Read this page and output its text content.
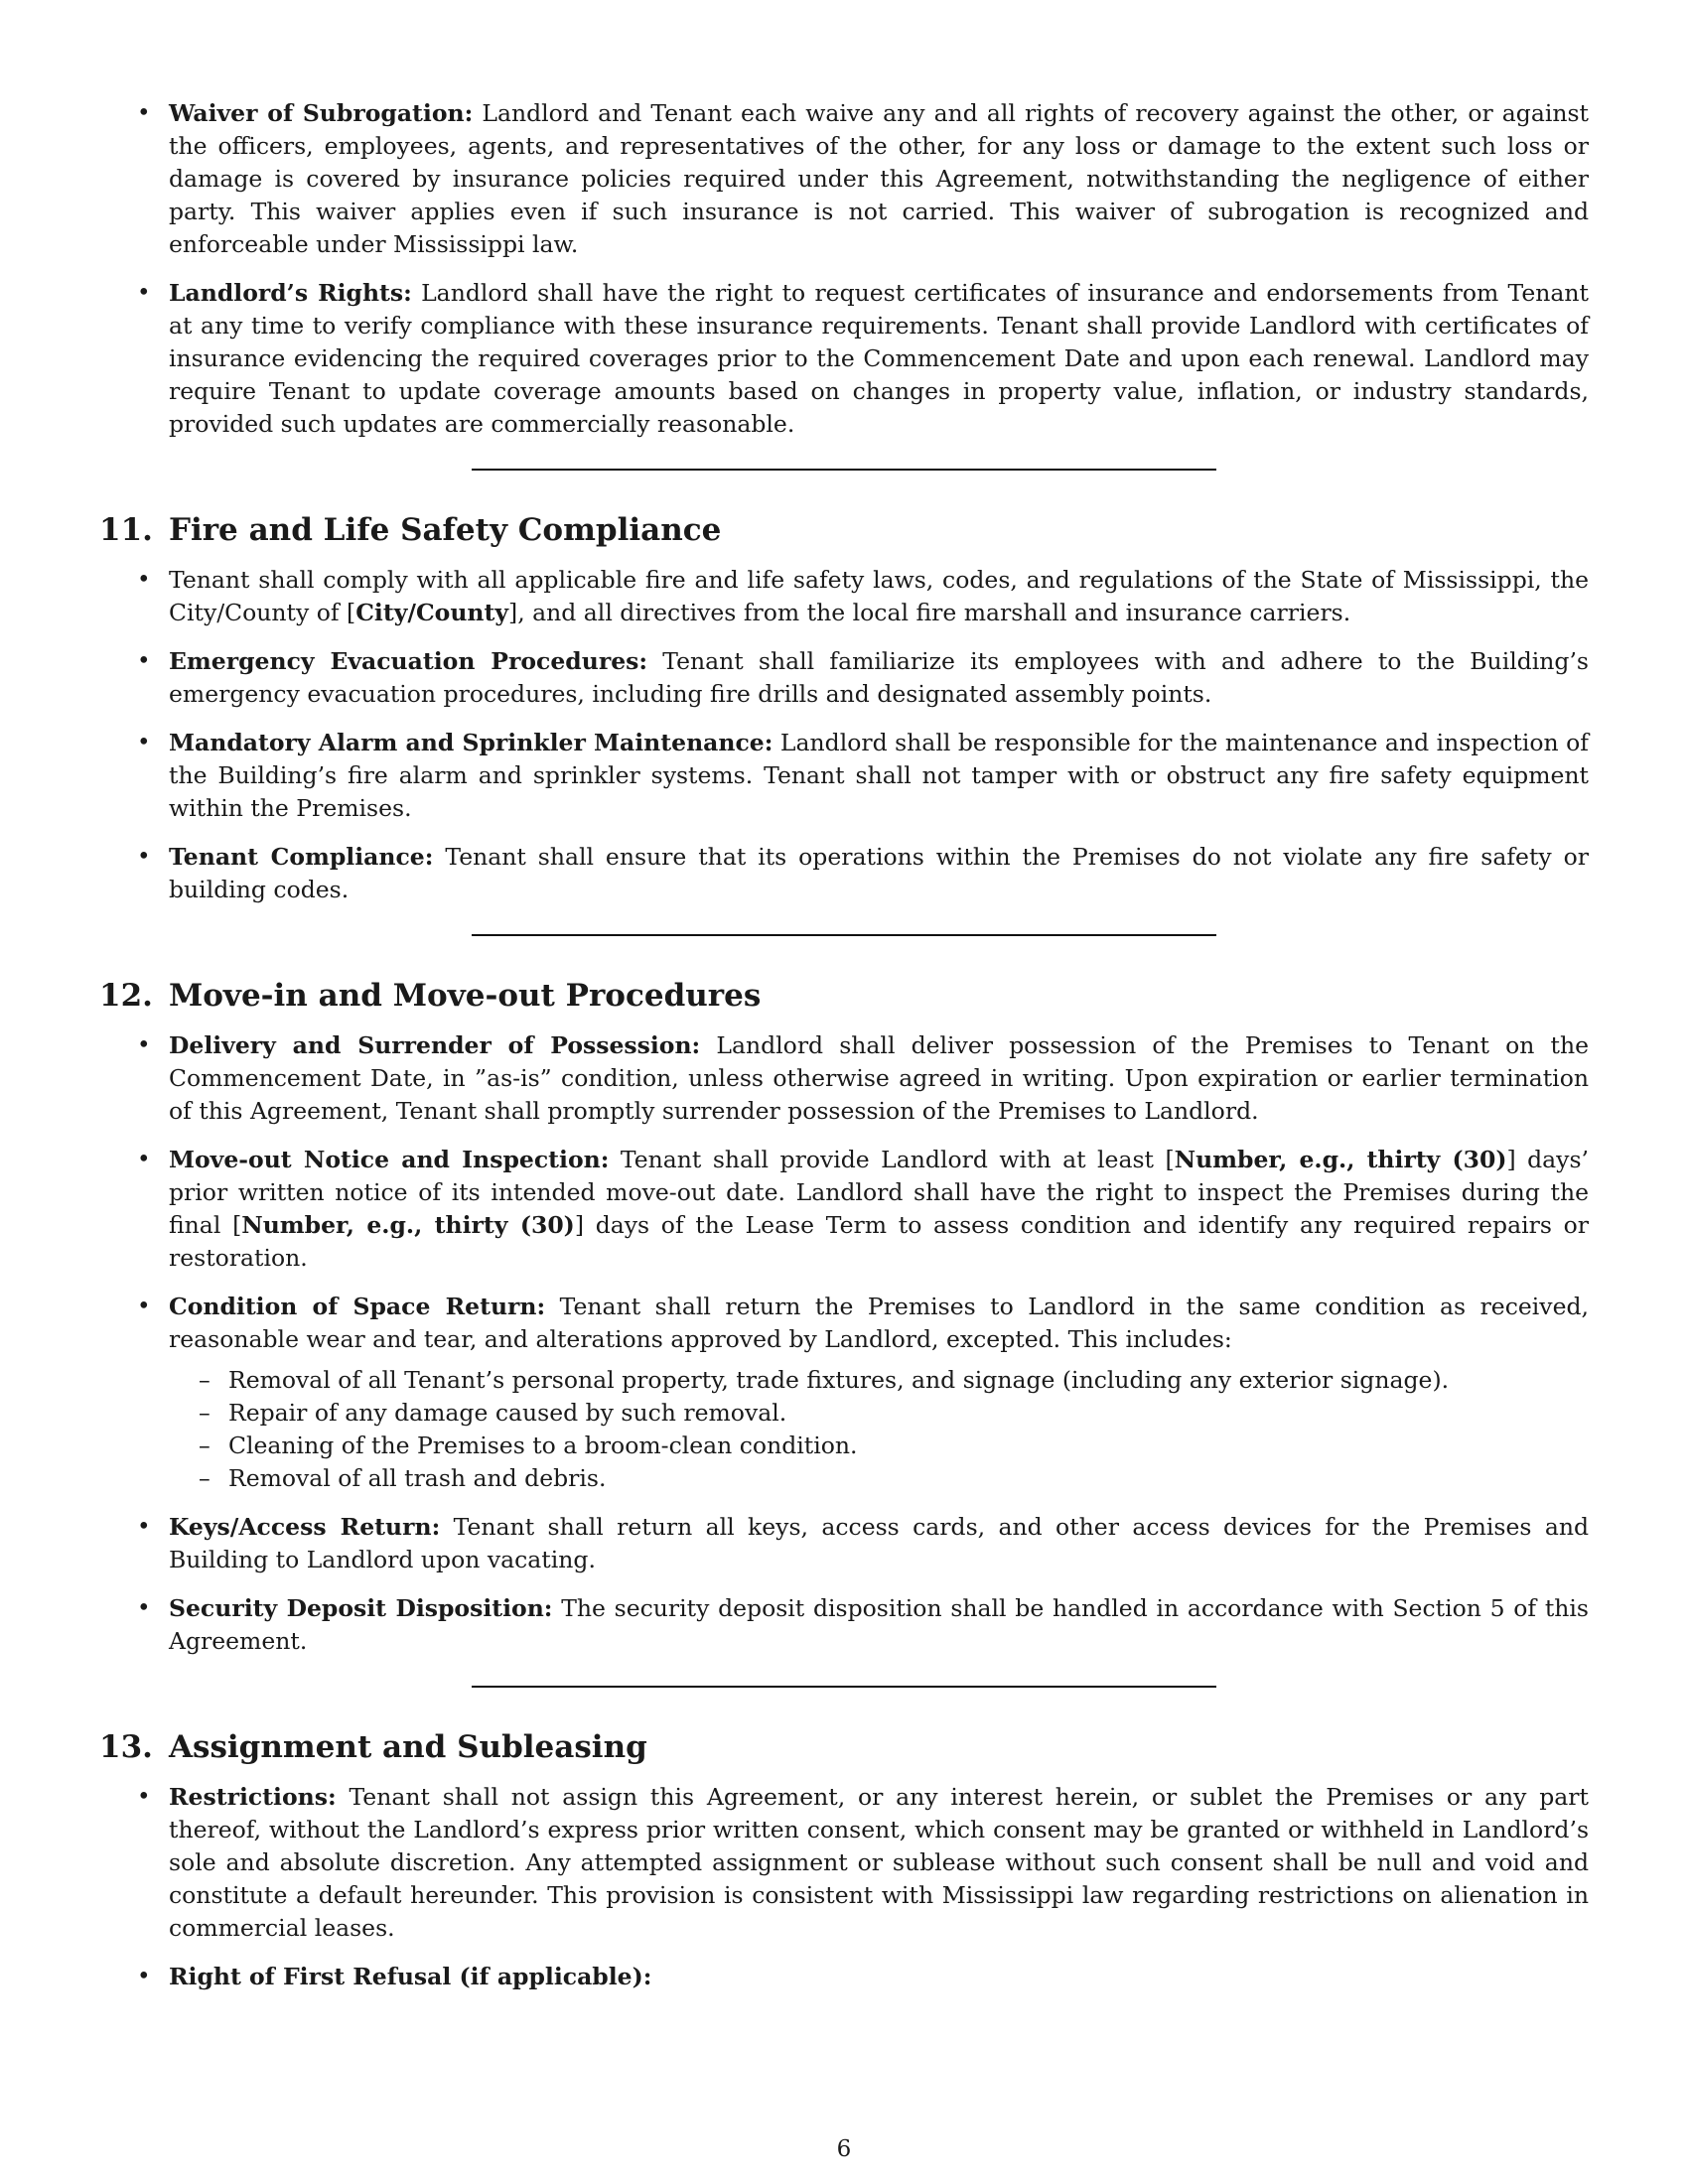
• Waiver of Subrogation: Landlord and Tenant each waive any and all rights of recovery against the other, or against the officers, employees, agents, and representatives of the other, for any loss or damage to the extent such loss or damage is covered by insurance policies required under this Agreement, notwithstanding the negligence of either party. This waiver applies even if such insurance is not carried. This waiver of subrogation is recognized and enforceable under Mississippi law.
• Landlord’s Rights: Landlord shall have the right to request certificates of insurance and endorsements from Tenant at any time to verify compliance with these insurance requirements. Tenant shall provide Landlord with certificates of insurance evidencing the required coverages prior to the Commencement Date and upon each renewal. Landlord may require Tenant to update coverage amounts based on changes in property value, inflation, or industry standards, provided such updates are commercially reasonable.
11. Fire and Life Safety Compliance
• Tenant shall comply with all applicable fire and life safety laws, codes, and regulations of the State of Mississippi, the City/County of [City/County], and all directives from the local fire marshall and insurance carriers.
• Emergency Evacuation Procedures: Tenant shall familiarize its employees with and adhere to the Building’s emergency evacuation procedures, including fire drills and designated assembly points.
• Mandatory Alarm and Sprinkler Maintenance: Landlord shall be responsible for the maintenance and inspection of the Building’s fire alarm and sprinkler systems. Tenant shall not tamper with or obstruct any fire safety equipment within the Premises.
• Tenant Compliance: Tenant shall ensure that its operations within the Premises do not violate any fire safety or building codes.
12. Move-in and Move-out Procedures
• Delivery and Surrender of Possession: Landlord shall deliver possession of the Premises to Tenant on the Commencement Date, in ”as-is” condition, unless otherwise agreed in writing. Upon expiration or earlier termination of this Agreement, Tenant shall promptly surrender possession of the Premises to Landlord.
• Move-out Notice and Inspection: Tenant shall provide Landlord with at least [Number, e.g., thirty (30)] days’ prior written notice of its intended move-out date. Landlord shall have the right to inspect the Premises during the final [Number, e.g., thirty (30)] days of the Lease Term to assess condition and identify any required repairs or restoration.
• Condition of Space Return: Tenant shall return the Premises to Landlord in the same condition as received, reasonable wear and tear, and alterations approved by Landlord, excepted. This includes:
– Removal of all Tenant’s personal property, trade fixtures, and signage (including any exterior signage).
– Repair of any damage caused by such removal.
– Cleaning of the Premises to a broom-clean condition.
– Removal of all trash and debris.
• Keys/Access Return: Tenant shall return all keys, access cards, and other access devices for the Premises and Building to Landlord upon vacating.
• Security Deposit Disposition: The security deposit disposition shall be handled in accordance with Section 5 of this Agreement.
13. Assignment and Subleasing
• Restrictions: Tenant shall not assign this Agreement, or any interest herein, or sublet the Premises or any part thereof, without the Landlord’s express prior written consent, which consent may be granted or withheld in Landlord’s sole and absolute discretion. Any attempted assignment or sublease without such consent shall be null and void and constitute a default hereunder. This provision is consistent with Mississippi law regarding restrictions on alienation in commercial leases.
• Right of First Refusal (if applicable):
6
